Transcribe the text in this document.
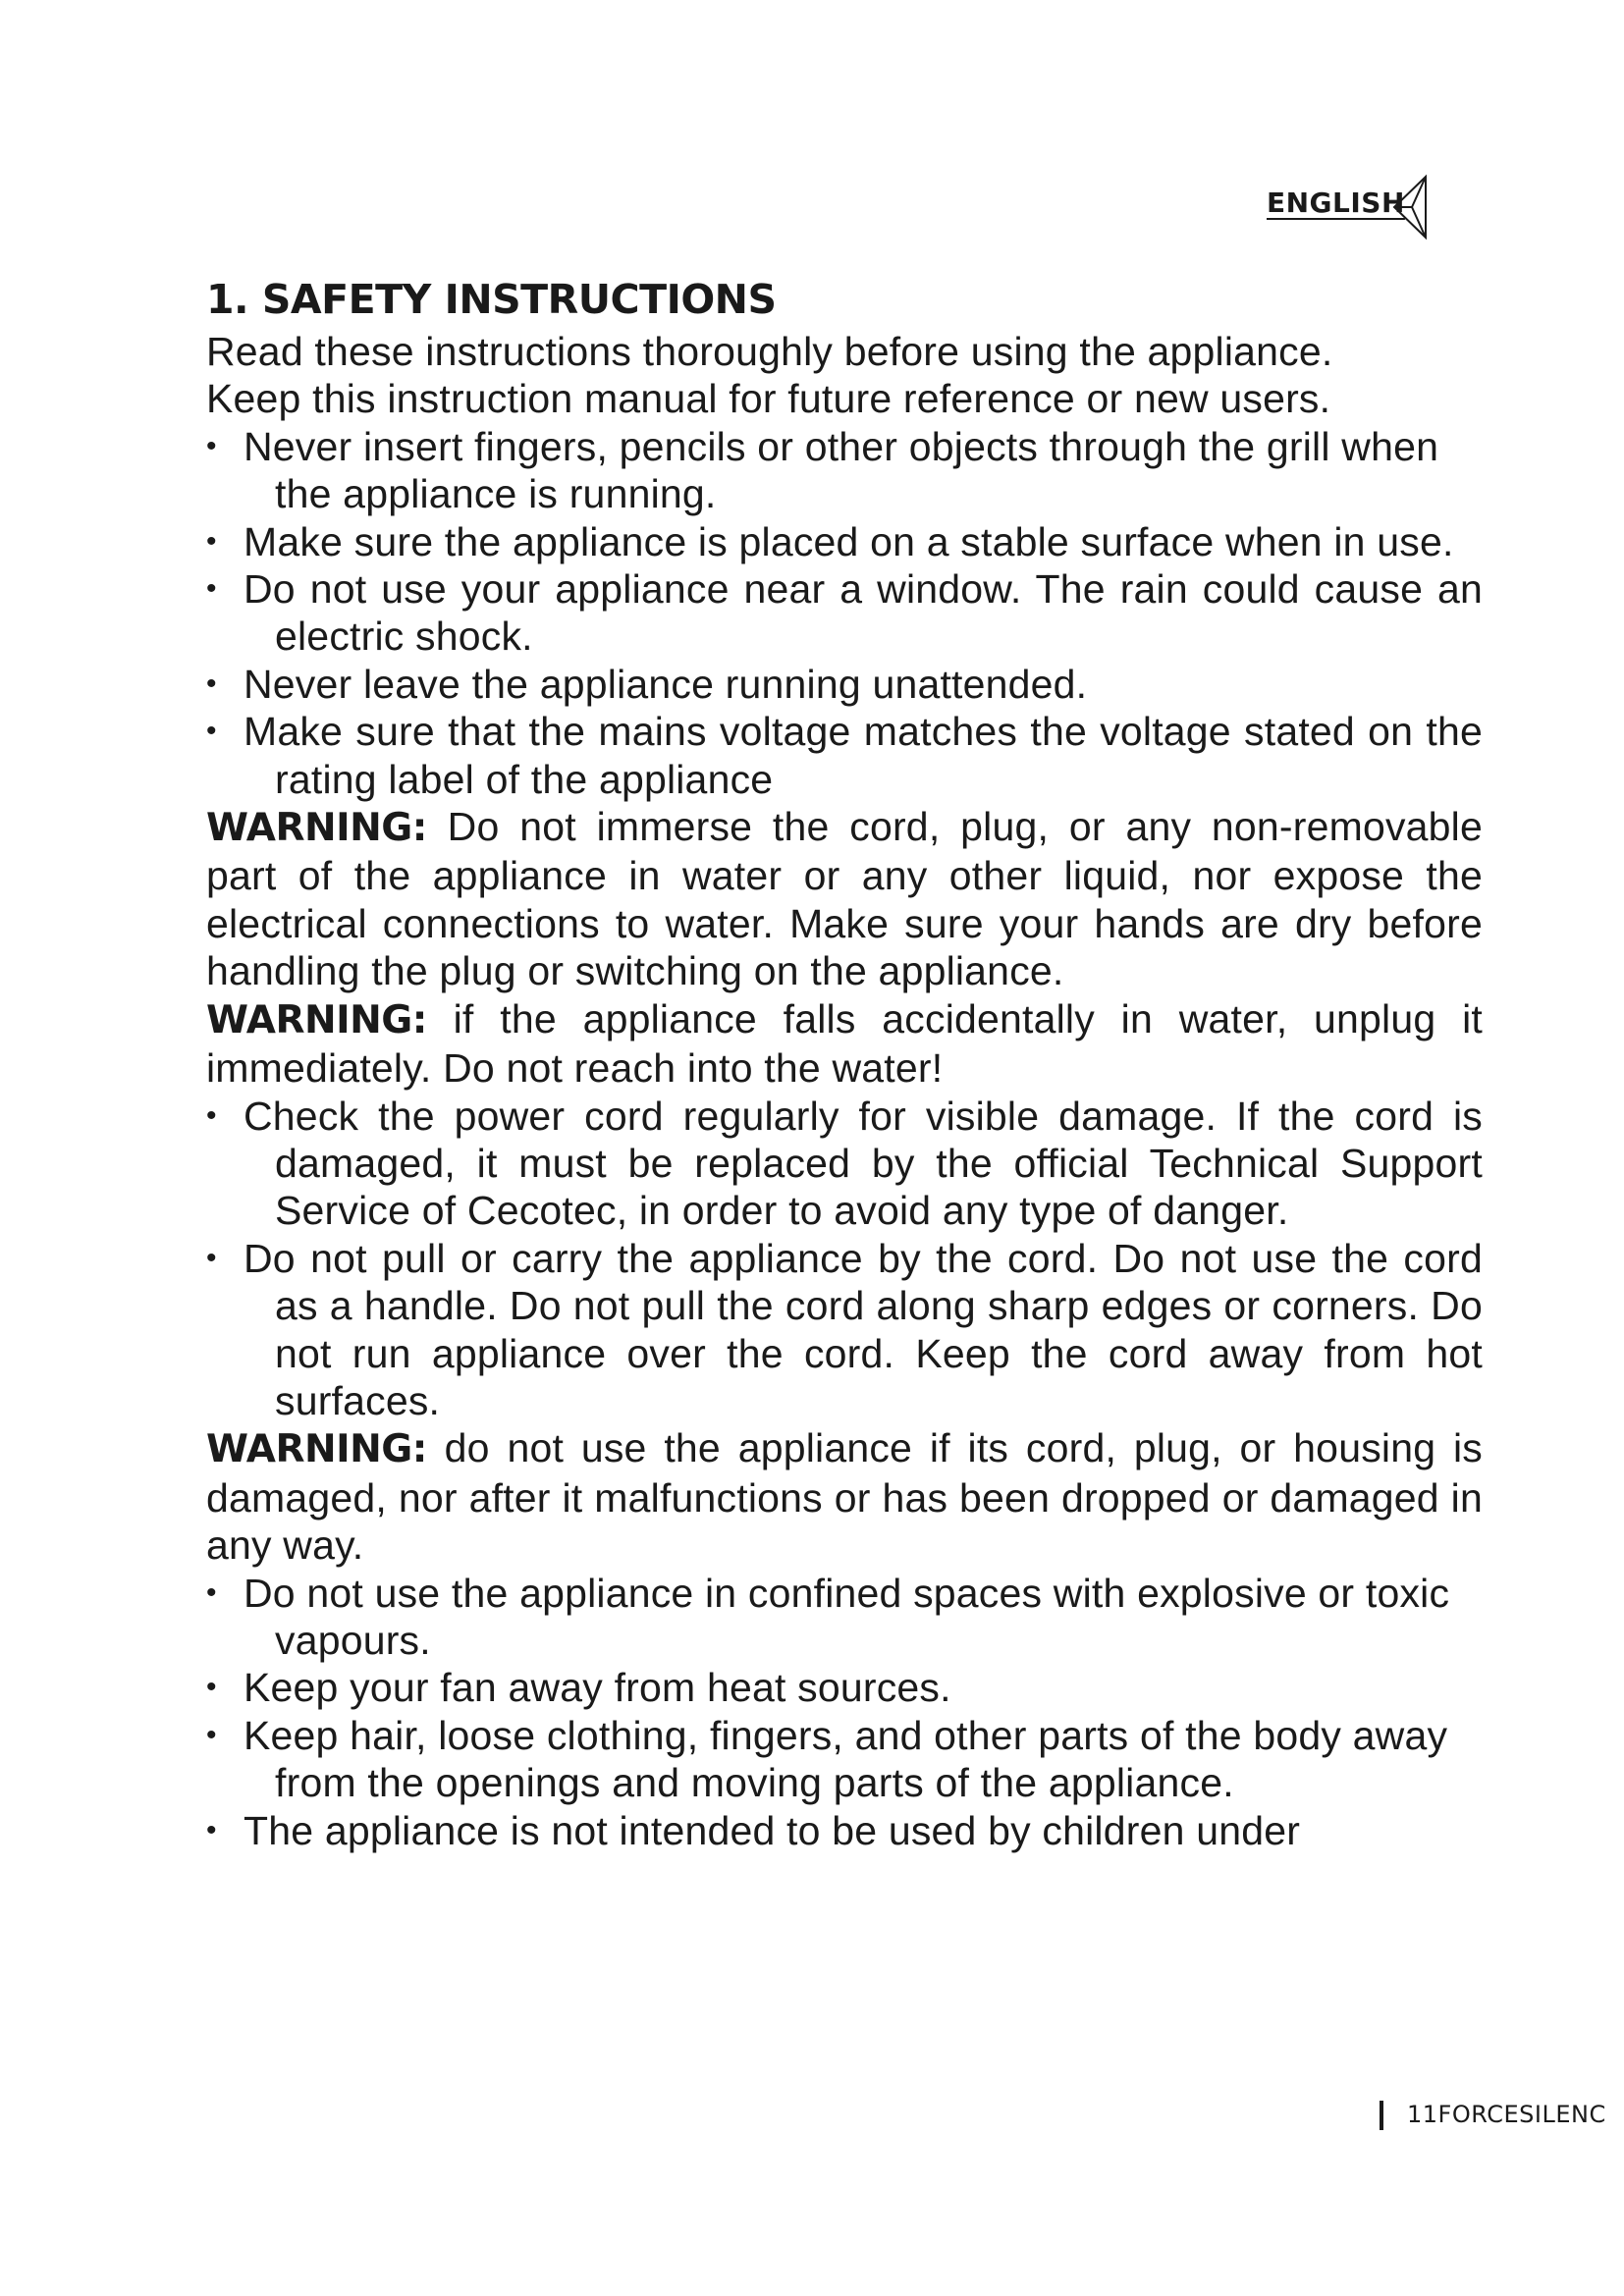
ENGLISH
1. SAFETY INSTRUCTIONS

Read these instructions thoroughly before using the appliance.

Keep this instruction manual for future reference or new users.

• Never insert fingers, pencils or other objects through the grill when the appliance is running.

• Make sure the appliance is placed on a stable surface when in use.

• Do not use your appliance near a window. The rain could cause an electric shock.

• Never leave the appliance running unattended.

• Make sure that the mains voltage matches the voltage stated on the rating label of the appliance

WARNING: Do not immerse the cord, plug, or any non-removable part of the appliance in water or any other liquid, nor expose the electrical connections to water. Make sure your hands are dry before handling the plug or switching on the appliance.

WARNING: if the appliance falls accidentally in water, unplug it immediately. Do not reach into the water!

• Check the power cord regularly for visible damage. If the cord is damaged, it must be replaced by the official Technical Support Service of Cecotec, in order to avoid any type of danger.

• Do not pull or carry the appliance by the cord. Do not use the cord as a handle. Do not pull the cord along sharp edges or corners. Do not run appliance over the cord. Keep the cord away from hot surfaces.

WARNING: do not use the appliance if its cord, plug, or housing is damaged, nor after it malfunctions or has been dropped or damaged in any way.

• Do not use the appliance in confined spaces with explosive or toxic vapours.

• Keep your fan away from heat sources.

• Keep hair, loose clothing, fingers, and other parts of the body away from the openings and moving parts of the appliance.

• The appliance is not intended to be used by children under

11FORCESILENC
